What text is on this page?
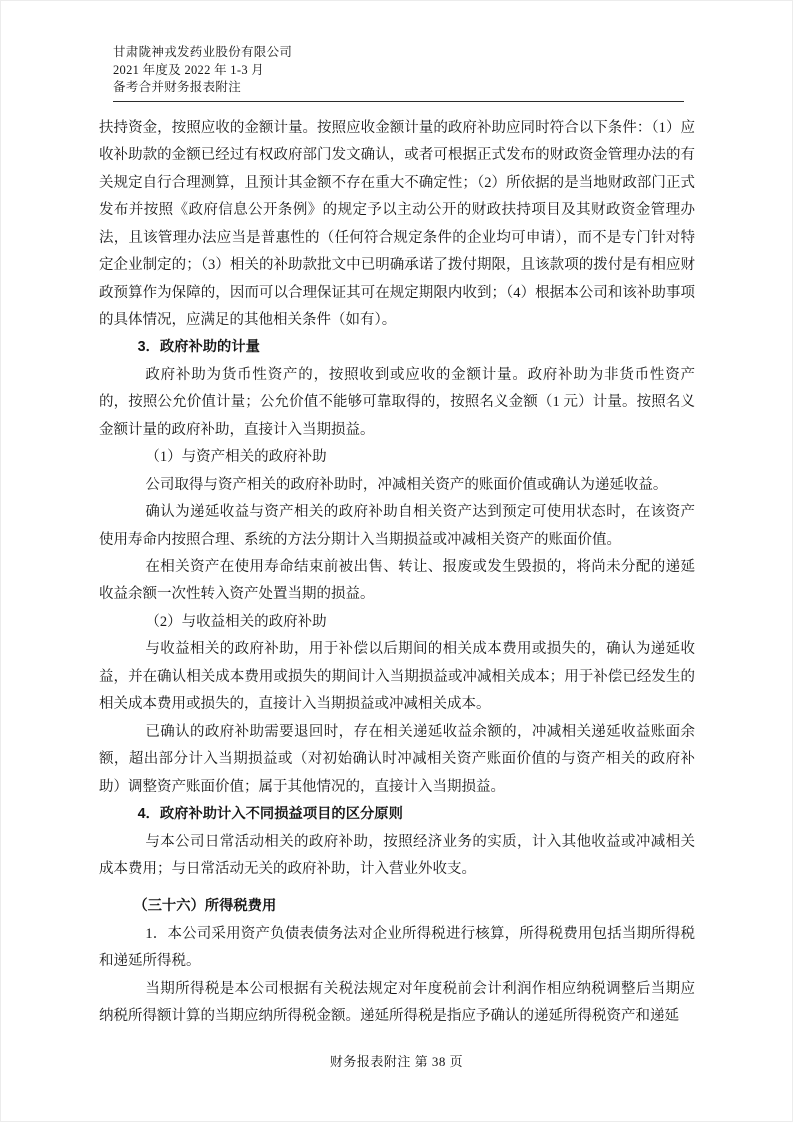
甘肃陇神戎发药业股份有限公司
2021 年度及 2022 年 1-3 月
备考合并财务报表附注

扶持资金，按照应收的金额计量。按照应收金额计量的政府补助应同时符合以下条件：（1）应收补助款的金额已经过有权政府部门发文确认，或者可根据正式发布的财政资金管理办法的有关规定自行合理测算，且预计其金额不存在重大不确定性；（2）所依据的是当地财政部门正式发布并按照《政府信息公开条例》的规定予以主动公开的财政扶持项目及其财政资金管理办法，且该管理办法应当是普惠性的（任何符合规定条件的企业均可申请），而不是专门针对特定企业制定的；（3）相关的补助款批文中已明确承诺了拨付期限，且该款项的拨付是有相应财政预算作为保障的，因而可以合理保证其可在规定期限内收到；（4）根据本公司和该补助事项的具体情况，应满足的其他相关条件（如有）。

3．政府补助的计量

政府补助为货币性资产的，按照收到或应收的金额计量。政府补助为非货币性资产的，按照公允价值计量；公允价值不能够可靠取得的，按照名义金额（1 元）计量。按照名义金额计量的政府补助，直接计入当期损益。

（1）与资产相关的政府补助

公司取得与资产相关的政府补助时，冲减相关资产的账面价值或确认为递延收益。

确认为递延收益与资产相关的政府补助自相关资产达到预定可使用状态时，在该资产使用寿命内按照合理、系统的方法分期计入当期损益或冲减相关资产的账面价值。

在相关资产在使用寿命结束前被出售、转让、报废或发生毁损的，将尚未分配的递延收益余额一次性转入资产处置当期的损益。

（2）与收益相关的政府补助

与收益相关的政府补助，用于补偿以后期间的相关成本费用或损失的，确认为递延收益，并在确认相关成本费用或损失的期间计入当期损益或冲减相关成本；用于补偿已经发生的相关成本费用或损失的，直接计入当期损益或冲减相关成本。

已确认的政府补助需要退回时，存在相关递延收益余额的，冲减相关递延收益账面余额，超出部分计入当期损益或（对初始确认时冲减相关资产账面价值的与资产相关的政府补助）调整资产账面价值；属于其他情况的，直接计入当期损益。

4．政府补助计入不同损益项目的区分原则

与本公司日常活动相关的政府补助，按照经济业务的实质，计入其他收益或冲减相关成本费用；与日常活动无关的政府补助，计入营业外收支。

（三十六）所得税费用

1．本公司采用资产负债表债务法对企业所得税进行核算，所得税费用包括当期所得税和递延所得税。

当期所得税是本公司根据有关税法规定对年度税前会计利润作相应纳税调整后当期应纳税所得额计算的当期应纳所得税金额。递延所得税是指应予确认的递延所得税资产和递延

财务报表附注 第 38 页
